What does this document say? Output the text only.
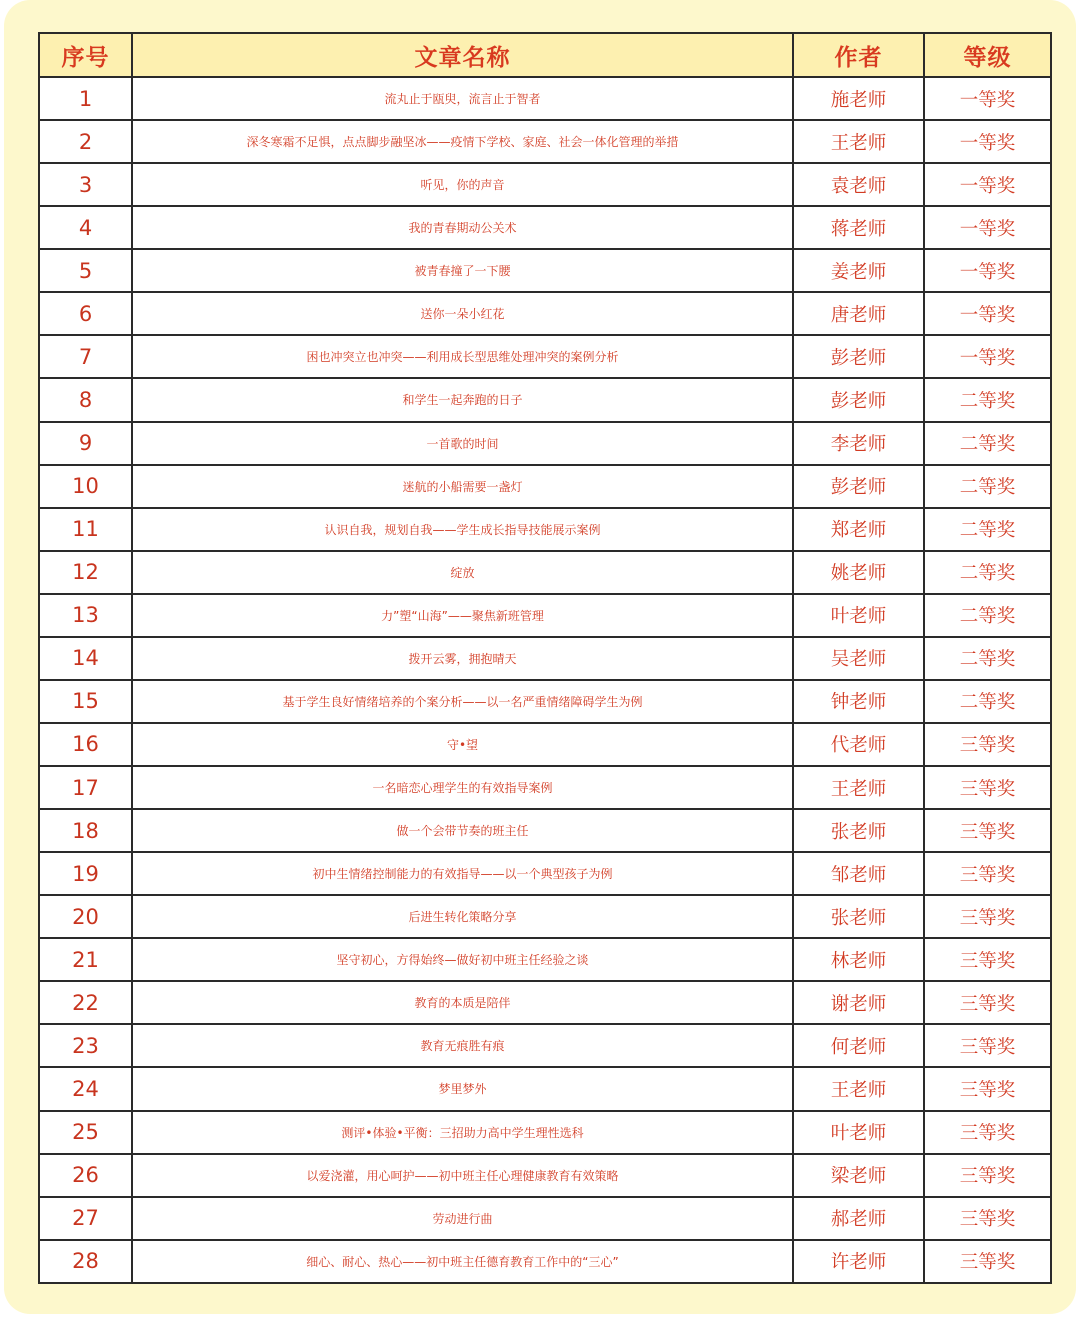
序号	文章名称	作者	等级
1	流丸止于瓯臾，流言止于智者	施老师	一等奖
2	深冬寒霜不足惧，点点脚步融坚冰——疫情下学校、家庭、社会一体化管理的举措	王老师	一等奖
3	听见，你的声音	袁老师	一等奖
4	我的青春期动公关术	蒋老师	一等奖
5	被青春撞了一下腰	姜老师	一等奖
6	送你一朵小红花	唐老师	一等奖
7	困也冲突立也冲突——利用成长型思维处理冲突的案例分析	彭老师	一等奖
8	和学生一起奔跑的日子	彭老师	二等奖
9	一首歌的时间	李老师	二等奖
10	迷航的小船需要一盏灯	彭老师	二等奖
11	认识自我，规划自我——学生成长指导技能展示案例	郑老师	二等奖
12	绽放	姚老师	二等奖
13	力”塑“山海”——聚焦新班管理	叶老师	二等奖
14	拨开云雾，拥抱晴天	吴老师	二等奖
15	基于学生良好情绪培养的个案分析——以一名严重情绪障碍学生为例	钟老师	二等奖
16	守•望	代老师	三等奖
17	一名暗恋心理学生的有效指导案例	王老师	三等奖
18	做一个会带节奏的班主任	张老师	三等奖
19	初中生情绪控制能力的有效指导——以一个典型孩子为例	邹老师	三等奖
20	后进生转化策略分享	张老师	三等奖
21	坚守初心，方得始终—做好初中班主任经验之谈	林老师	三等奖
22	教育的本质是陪伴	谢老师	三等奖
23	教育无痕胜有痕	何老师	三等奖
24	梦里梦外	王老师	三等奖
25	测评•体验•平衡：三招助力高中学生理性选科	叶老师	三等奖
26	以爱浇灌，用心呵护——初中班主任心理健康教育有效策略	梁老师	三等奖
27	劳动进行曲	郝老师	三等奖
28	细心、耐心、热心——初中班主任德育教育工作中的“三心”	许老师	三等奖
